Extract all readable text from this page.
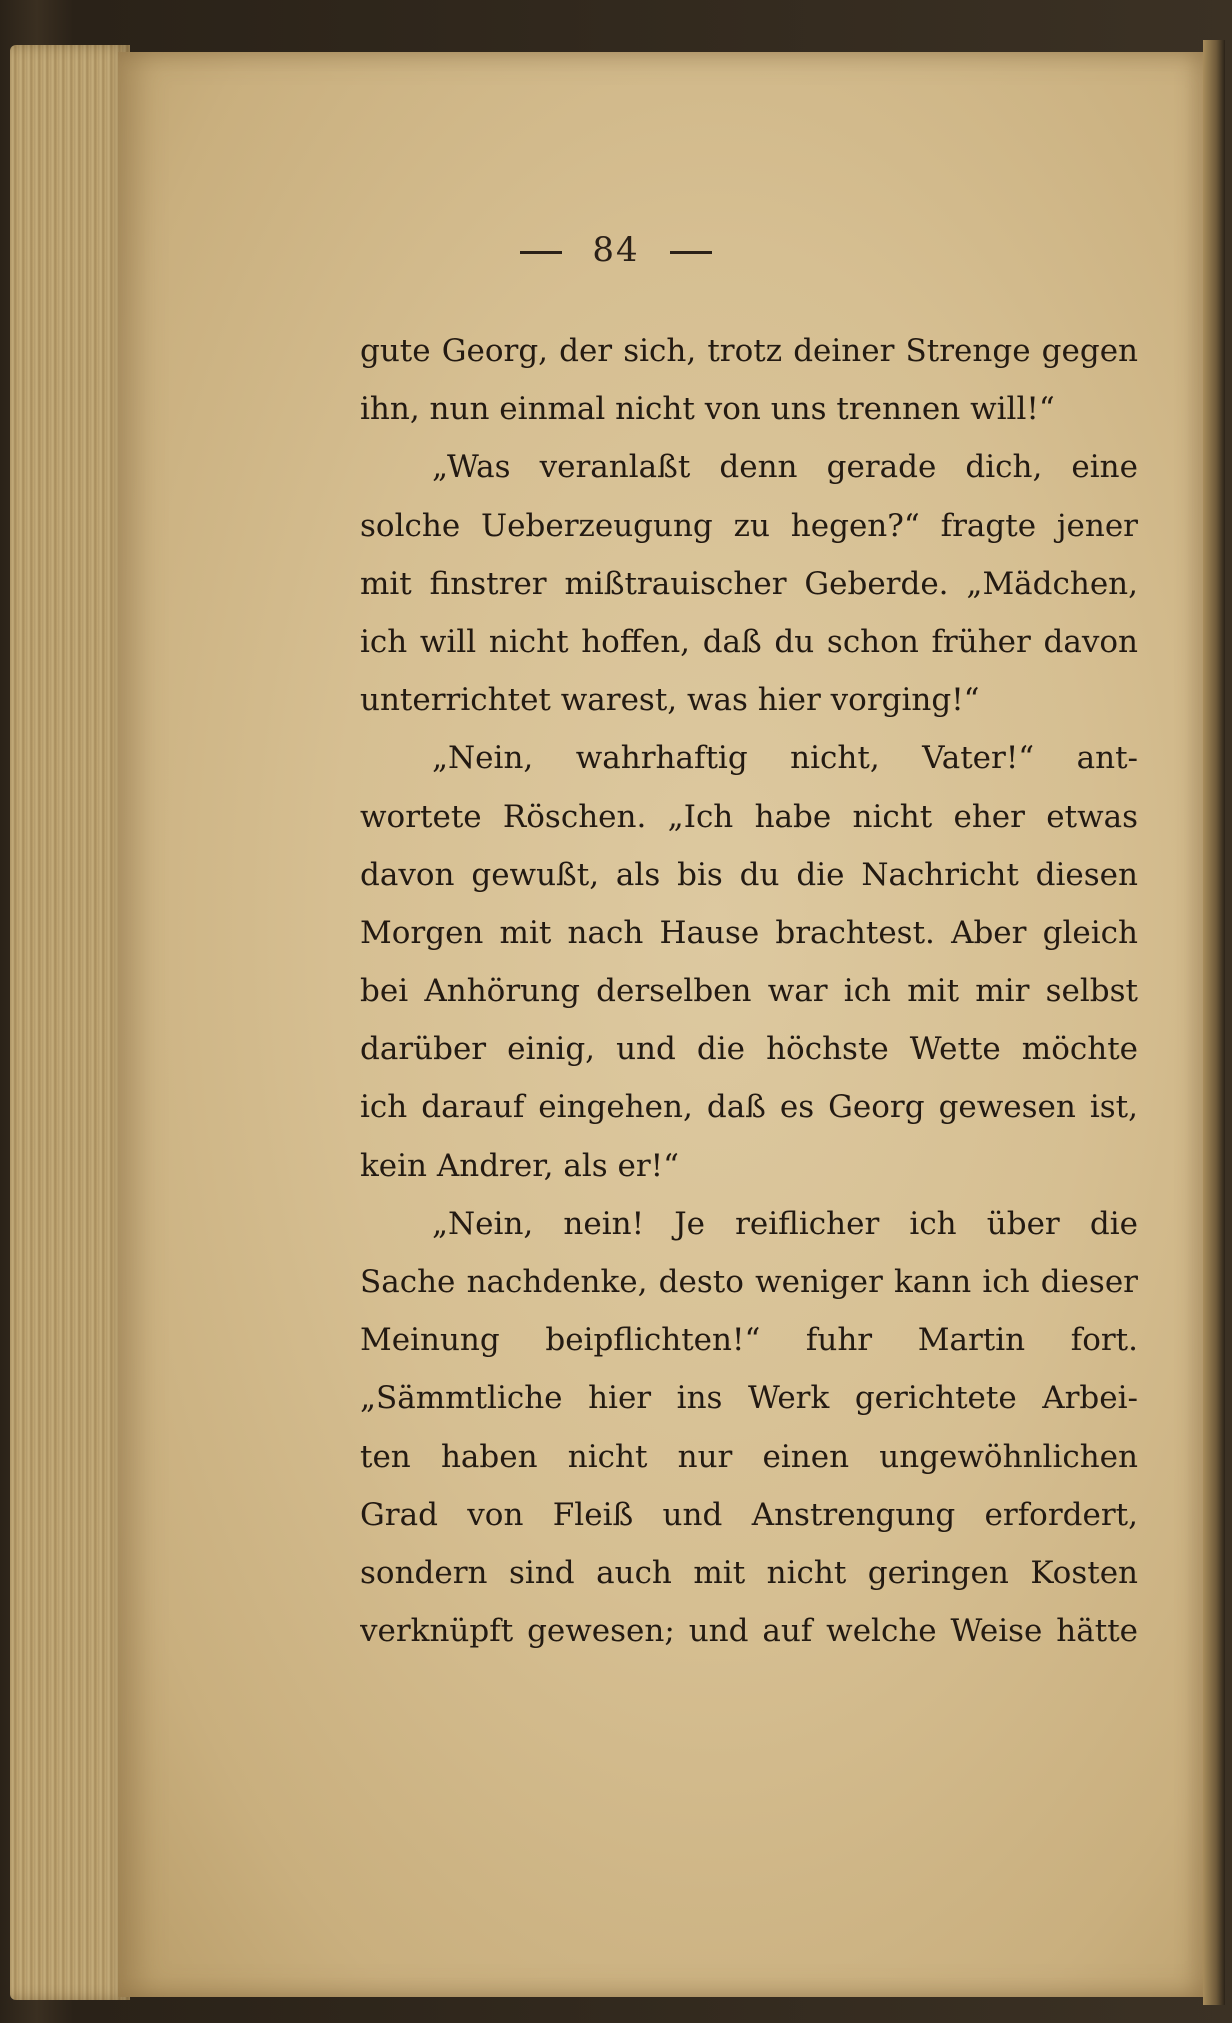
84
gute Georg, der sich, trotz deiner Strenge gegen
ihn, nun einmal nicht von uns trennen will!“
„Was veranlaßt denn gerade dich, eine
solche Ueberzeugung zu hegen?“ fragte jener
mit finstrer mißtrauischer Geberde. „Mädchen,
ich will nicht hoffen, daß du schon früher davon
unterrichtet warest, was hier vorging!“
„Nein, wahrhaftig nicht, Vater!“ ant-
wortete Röschen. „Ich habe nicht eher etwas
davon gewußt, als bis du die Nachricht diesen
Morgen mit nach Hause brachtest. Aber gleich
bei Anhörung derselben war ich mit mir selbst
darüber einig, und die höchste Wette möchte
ich darauf eingehen, daß es Georg gewesen ist,
kein Andrer, als er!“
„Nein, nein! Je reiflicher ich über die
Sache nachdenke, desto weniger kann ich dieser
Meinung beipflichten!“ fuhr Martin fort.
„Sämmtliche hier ins Werk gerichtete Arbei-
ten haben nicht nur einen ungewöhnlichen
Grad von Fleiß und Anstrengung erfordert,
sondern sind auch mit nicht geringen Kosten
verknüpft gewesen; und auf welche Weise hätte
